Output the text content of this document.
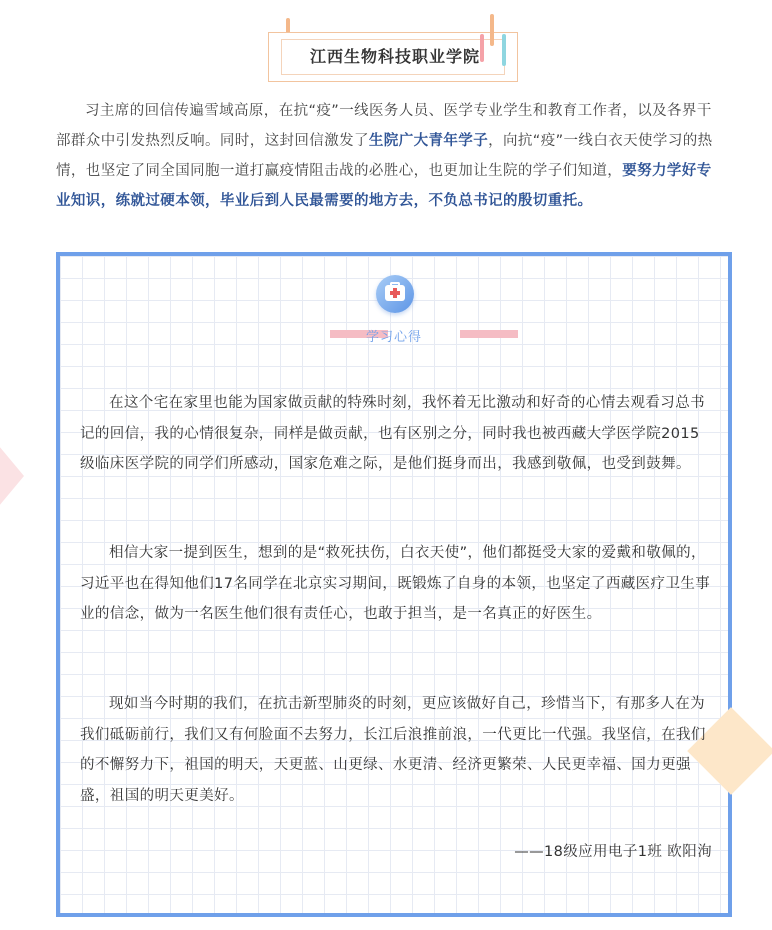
江西生物科技职业学院
习主席的回信传遍雪域高原，在抗“疫”一线医务人员、医学专业学生和教育工作者，以及各界干部群众中引发热烈反响。同时，这封回信激发了生院广大青年学子，向抗“疫”一线白衣天使学习的热情，也坚定了同全国同胞一道打赢疫情阻击战的必胜心，也更加让生院的学子们知道，要努力学好专业知识，练就过硬本领，毕业后到人民最需要的地方去，不负总书记的殷切重托。
学习心得
在这个宅在家里也能为国家做贡献的特殊时刻，我怀着无比激动和好奇的心情去观看习总书记的回信，我的心情很复杂，同样是做贡献，也有区别之分，同时我也被西藏大学医学院2015级临床医学院的同学们所感动，国家危难之际，是他们挺身而出，我感到敬佩，也受到鼓舞。
相信大家一提到医生，想到的是“救死扶伤，白衣天使”，他们都挺受大家的爱戴和敬佩的，习近平也在得知他们17名同学在北京实习期间，既锻炼了自身的本领，也坚定了西藏医疗卫生事业的信念，做为一名医生他们很有责任心，也敢于担当，是一名真正的好医生。
现如当今时期的我们，在抗击新型肺炎的时刻，更应该做好自己，珍惜当下，有那多人在为我们砥砺前行，我们又有何脸面不去努力，长江后浪推前浪，一代更比一代强。我坚信，在我们的不懈努力下，祖国的明天，天更蓝、山更绿、水更清、经济更繁荣、人民更幸福、国力更强盛，祖国的明天更美好。
——18级应用电子1班 欧阳洵
